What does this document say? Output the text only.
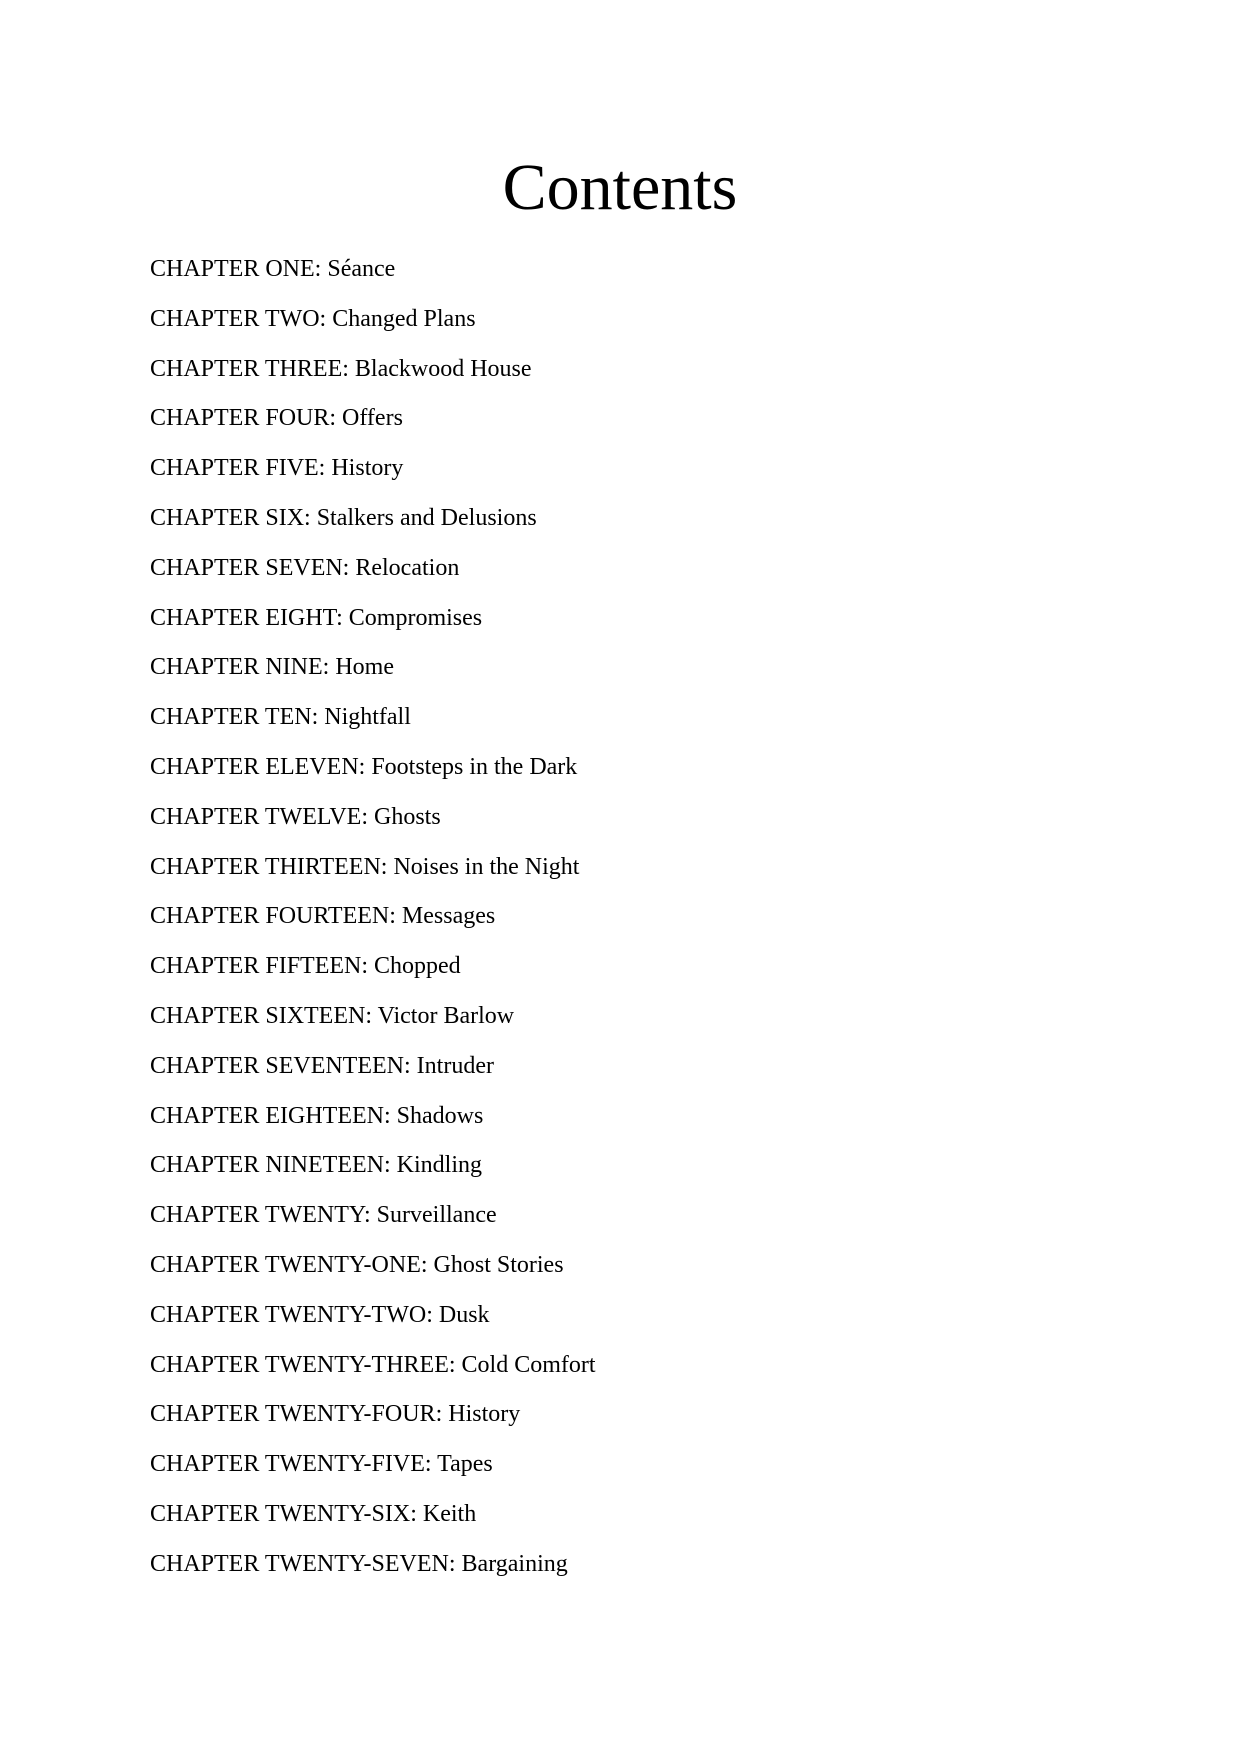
Contents
CHAPTER ONE: Séance
CHAPTER TWO: Changed Plans
CHAPTER THREE: Blackwood House
CHAPTER FOUR: Offers
CHAPTER FIVE: History
CHAPTER SIX: Stalkers and Delusions
CHAPTER SEVEN: Relocation
CHAPTER EIGHT: Compromises
CHAPTER NINE: Home
CHAPTER TEN: Nightfall
CHAPTER ELEVEN: Footsteps in the Dark
CHAPTER TWELVE: Ghosts
CHAPTER THIRTEEN: Noises in the Night
CHAPTER FOURTEEN: Messages
CHAPTER FIFTEEN: Chopped
CHAPTER SIXTEEN: Victor Barlow
CHAPTER SEVENTEEN: Intruder
CHAPTER EIGHTEEN: Shadows
CHAPTER NINETEEN: Kindling
CHAPTER TWENTY: Surveillance
CHAPTER TWENTY-ONE: Ghost Stories
CHAPTER TWENTY-TWO: Dusk
CHAPTER TWENTY-THREE: Cold Comfort
CHAPTER TWENTY-FOUR: History
CHAPTER TWENTY-FIVE: Tapes
CHAPTER TWENTY-SIX: Keith
CHAPTER TWENTY-SEVEN: Bargaining
